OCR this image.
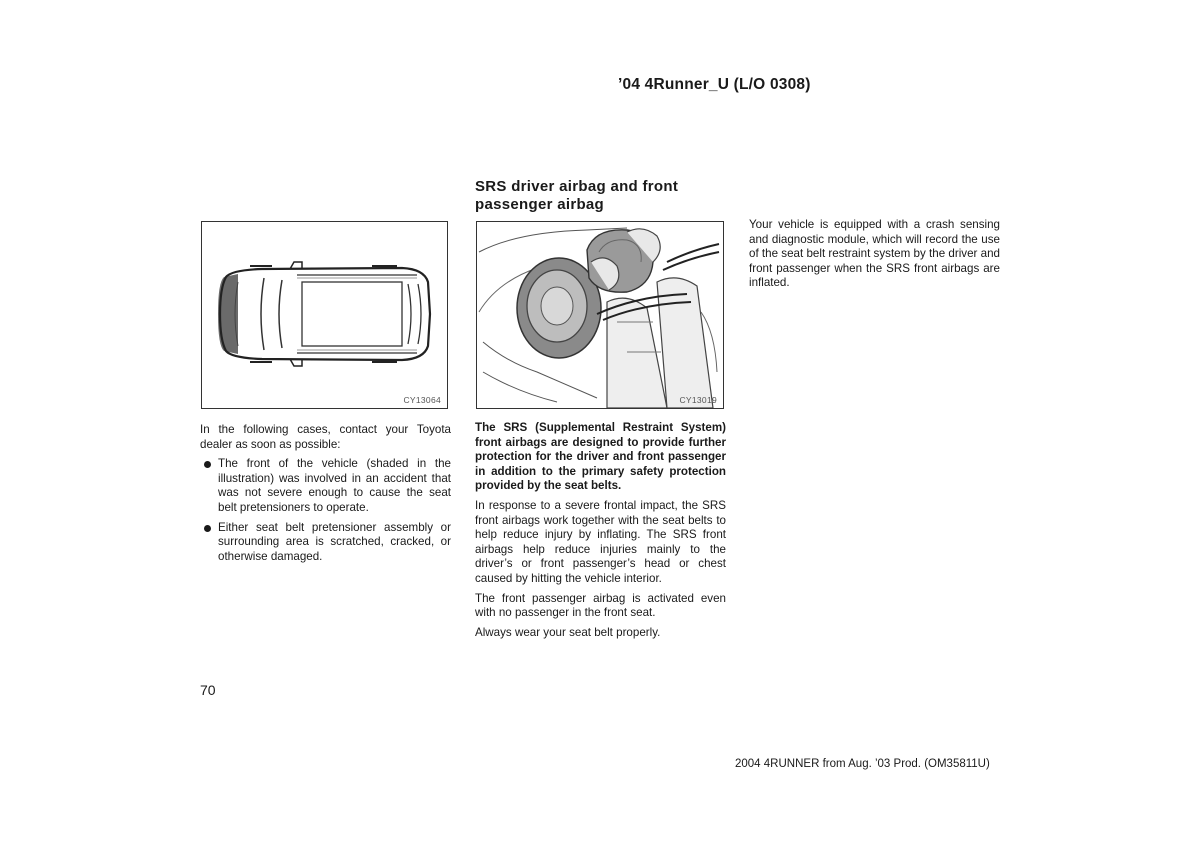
’04 4Runner_U (L/O 0308)
SRS driver airbag and front passenger airbag
CY13064	CY13019

In the following cases, contact your Toyota dealer as soon as possible:

The front of the vehicle (shaded in the illustration) was involved in an accident that was not severe enough to cause the seat belt pretensioners to operate.
Either seat belt pretensioner assembly or surrounding area is scratched, cracked, or otherwise damaged.

The SRS (Supplemental Restraint System) front airbags are designed to provide further protection for the driver and front passenger in addition to the primary safety protection provided by the seat belts.

In response to a severe frontal impact, the SRS front airbags work together with the seat belts to help reduce injury by inflating. The SRS front airbags help reduce injuries mainly to the driver’s or front passenger’s head or chest caused by hitting the vehicle interior.

The front passenger airbag is activated even with no passenger in the front seat.

Always wear your seat belt properly.

Your vehicle is equipped with a crash sensing and diagnostic module, which will record the use of the seat belt restraint system by the driver and front passenger when the SRS front airbags are inflated.

70
2004 4RUNNER from Aug. ’03 Prod. (OM35811U)
